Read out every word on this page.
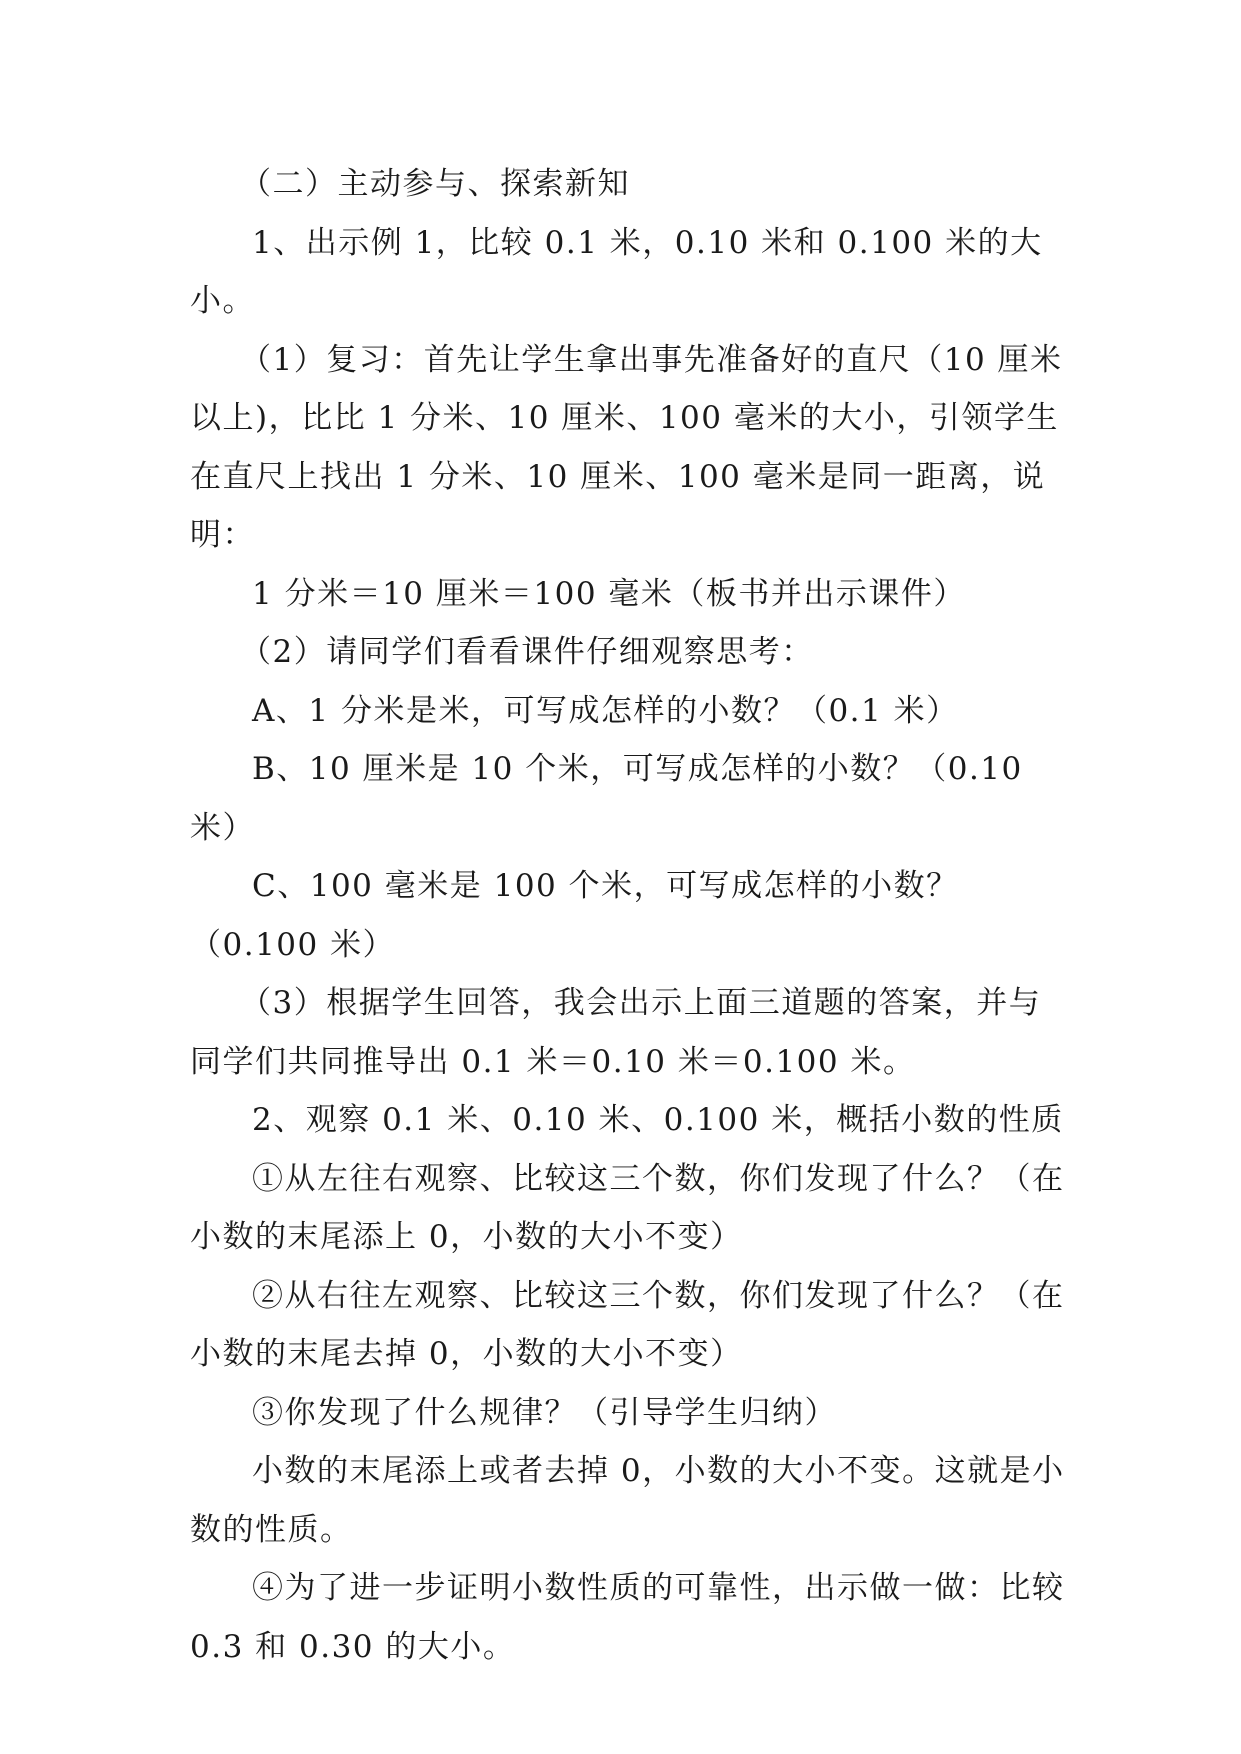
（二）主动参与、探索新知

1、出示例 1，比较 0.1 米，0.10 米和 0.100 米的大小。

（1）复习：首先让学生拿出事先准备好的直尺（10 厘米以上)，比比 1 分米、10 厘米、100 毫米的大小，引领学生在直尺上找出 1 分米、10 厘米、100 毫米是同一距离，说明：

1 分米＝10 厘米＝100 毫米（板书并出示课件）

（2）请同学们看看课件仔细观察思考：

A、1 分米是米，可写成怎样的小数？（0.1 米）

B、10 厘米是 10 个米，可写成怎样的小数？（0.10 米）

C、100 毫米是 100 个米，可写成怎样的小数？（0.100 米）

（3）根据学生回答，我会出示上面三道题的答案，并与同学们共同推导出 0.1 米＝0.10 米＝0.100 米。

2、观察 0.1 米、0.10 米、0.100 米，概括小数的性质

①从左往右观察、比较这三个数，你们发现了什么？（在小数的末尾添上 0，小数的大小不变）

②从右往左观察、比较这三个数，你们发现了什么？（在小数的末尾去掉 0，小数的大小不变）

③你发现了什么规律？（引导学生归纳）

小数的末尾添上或者去掉 0，小数的大小不变。这就是小数的性质。

④为了进一步证明小数性质的可靠性，出示做一做：比较 0.3 和 0.30 的大小。
